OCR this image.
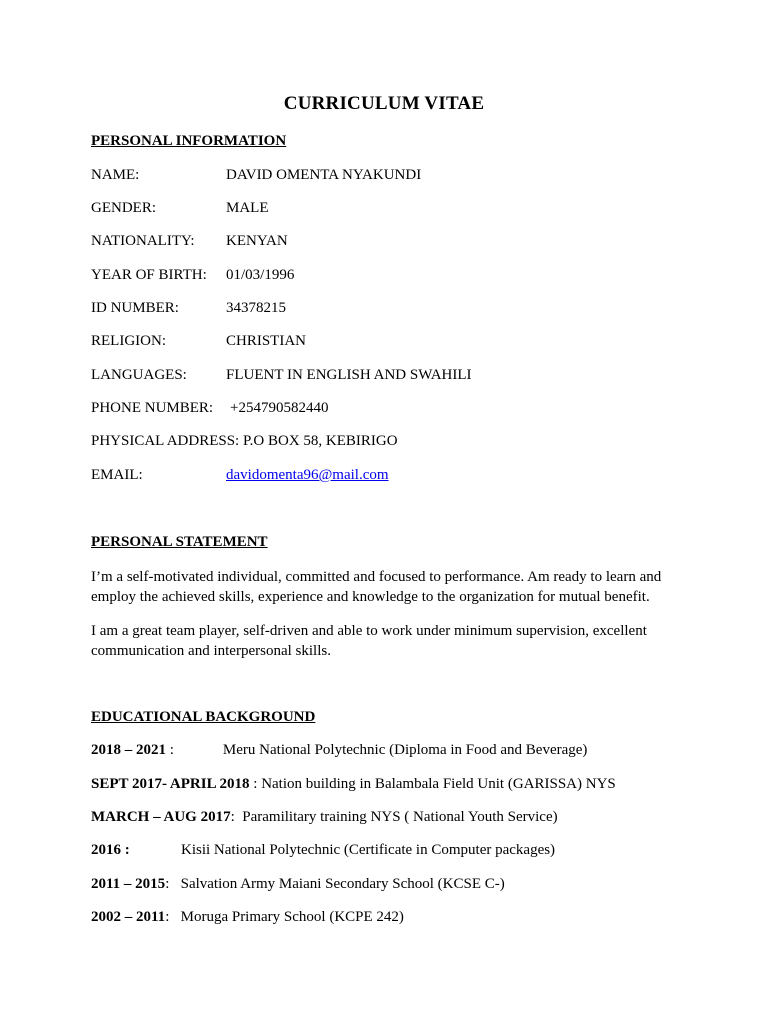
CURRICULUM VITAE
PERSONAL INFORMATION
NAME:	DAVID OMENTA NYAKUNDI
GENDER:	MALE
NATIONALITY: KENYAN
YEAR OF BIRTH: 01/03/1996
ID NUMBER:	34378215
RELIGION:	CHRISTIAN
LANGUAGES:	FLUENT IN ENGLISH AND SWAHILI
PHONE NUMBER: +254790582440
PHYSICAL ADDRESS: P.O BOX 58, KEBIRIGO
EMAIL:	davidomenta96@mail.com
PERSONAL STATEMENT
I’m a self-motivated individual, committed and focused to performance. Am ready to learn and employ the achieved skills, experience and knowledge to the organization for mutual benefit.
I am a great team player, self-driven and able to work under minimum supervision, excellent communication and interpersonal skills.
EDUCATIONAL BACKGROUND
2018 – 2021 :	Meru National Polytechnic (Diploma in Food and Beverage)
SEPT 2017- APRIL 2018 : Nation building in Balambala Field Unit (GARISSA) NYS
MARCH – AUG 2017: Paramilitary training NYS ( National Youth Service)
2016 :	Kisii National Polytechnic (Certificate in Computer packages)
2011 – 2015: Salvation Army Maiani Secondary School (KCSE C-)
2002 – 2011: Moruga Primary School (KCPE 242)
